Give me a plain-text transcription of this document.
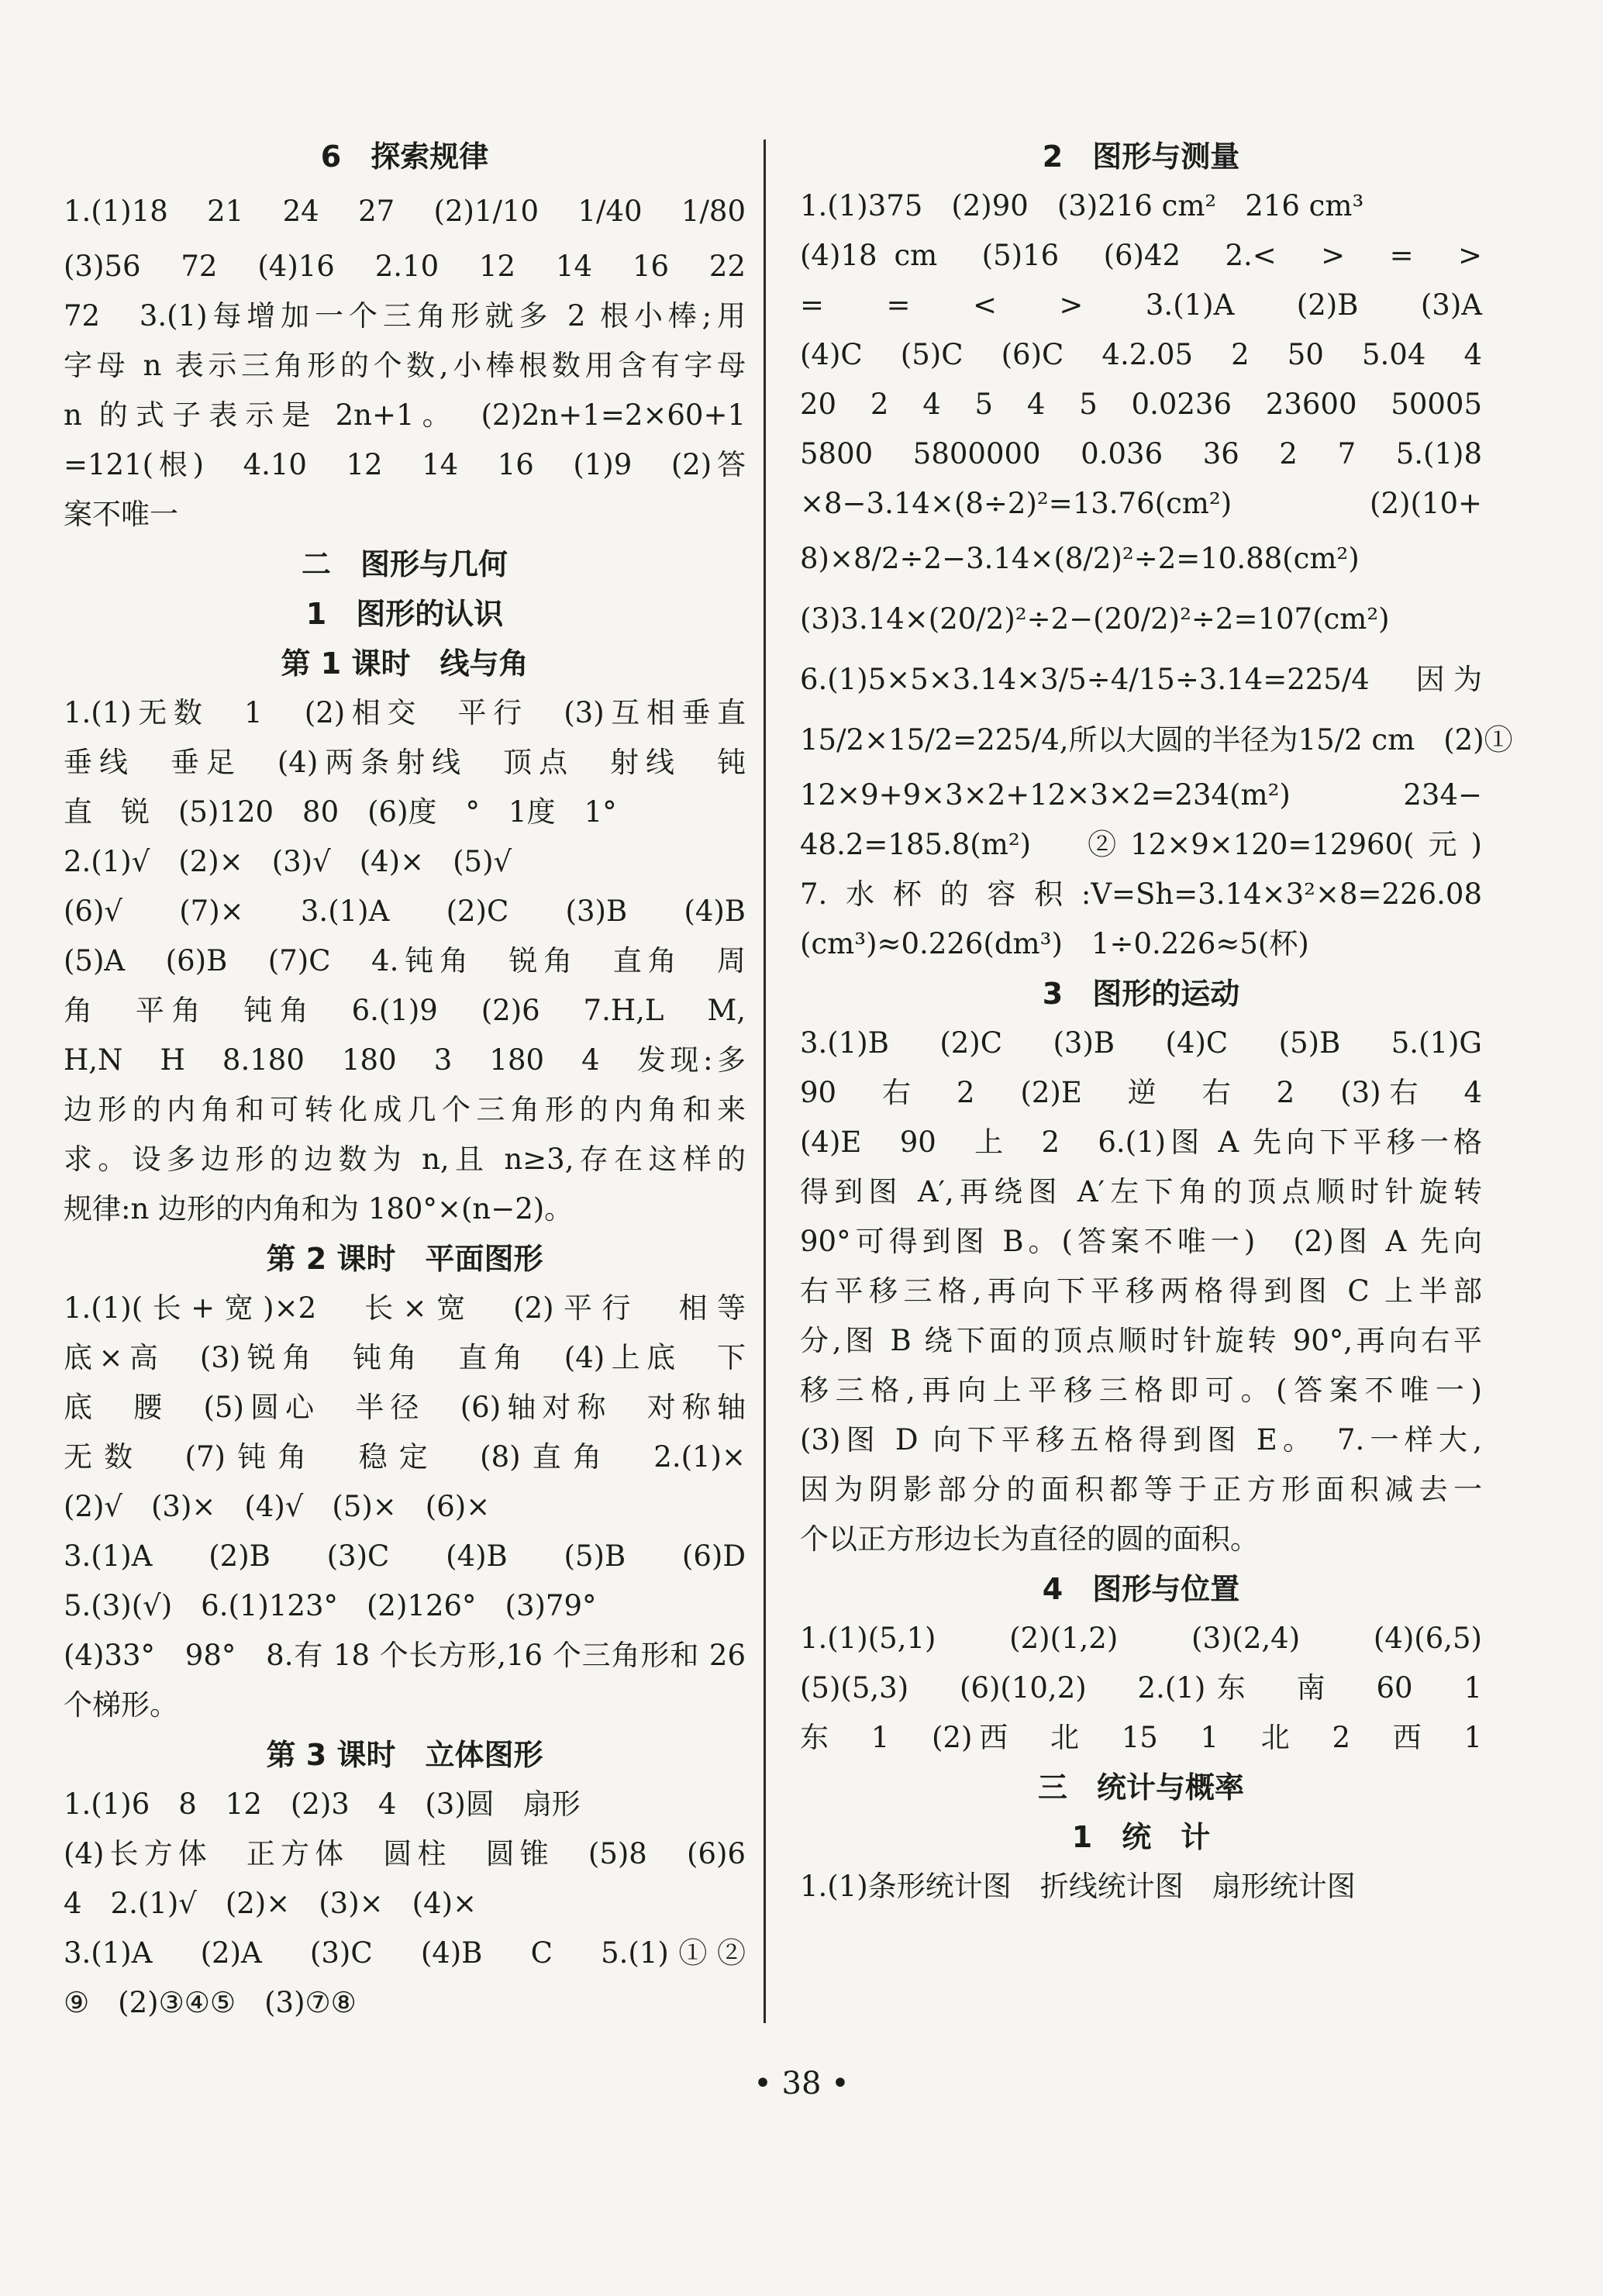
6　探索规律
1.(1)18　21　24　27　(2)1/10　1/40　1/80
(3)56　72　(4)16　2.10　12　14　16　22
72　3.(1)每增加一个三角形就多 2 根小棒;用
字母 n 表示三角形的个数,小棒根数用含有字母
n 的式子表示是 2n+1。　(2)2n+1=2×60+1
=121(根)　4.10　12　14　16　(1)9　(2)答
案不唯一
二　图形与几何
1　图形的认识
第 1 课时　线与角
1.(1)无数　1　(2)相交　平行　(3)互相垂直
垂线　垂足　(4)两条射线　顶点　射线　钝
直　锐　(5)120　80　(6)度　°　1度　1°
2.(1)√　(2)×　(3)√　(4)×　(5)√
(6)√　(7)×　3.(1)A　(2)C　(3)B　(4)B
(5)A　(6)B　(7)C　4.钝角　锐角　直角　周
角　平角　钝角　6.(1)9　(2)6　7.H,L　M,
H,N　H　8.180　180　3　180　4　发现:多
边形的内角和可转化成几个三角形的内角和来
求。设多边形的边数为 n,且 n≥3,存在这样的
规律:n 边形的内角和为 180°×(n−2)。
第 2 课时　平面图形
1.(1)(长+宽)×2　长×宽　(2)平行　相等
底×高　(3)锐角　钝角　直角　(4)上底　下
底　腰　(5)圆心　半径　(6)轴对称　对称轴
无数　(7)钝角　稳定　(8)直角　2.(1)×
(2)√　(3)×　(4)√　(5)×　(6)×
3.(1)A　(2)B　(3)C　(4)B　(5)B　(6)D
5.(3)(√)　6.(1)123°　(2)126°　(3)79°
(4)33°　98°　8.有 18 个长方形,16 个三角形和 26
个梯形。
第 3 课时　立体图形
1.(1)6　8　12　(2)3　4　(3)圆　扇形
(4)长方体　正方体　圆柱　圆锥　(5)8　(6)6
4　2.(1)√　(2)×　(3)×　(4)×
3.(1)A　(2)A　(3)C　(4)B　C　5.(1)①②
⑨　(2)③④⑤　(3)⑦⑧
2　图形与测量
1.(1)375　(2)90　(3)216 cm²　216 cm³
(4)18 cm　(5)16　(6)42　2.<　>　=　>
=　=　<　>　3.(1)A　(2)B　(3)A
(4)C　(5)C　(6)C　4.2.05　2　50　5.04　4
20　2　4　5　4　5　0.0236　23600　50005
5800　5800000　0.036　36　2　7　5.(1)8
×8−3.14×(8÷2)²=13.76(cm²)　(2)(10+
8)×8/2÷2−3.14×(8/2)²÷2=10.88(cm²)
(3)3.14×(20/2)²÷2−(20/2)²÷2=107(cm²)
6.(1)5×5×3.14×3/5÷4/15÷3.14=225/4　因为
15/2×15/2=225/4,所以大圆的半径为15/2 cm　(2)①
12×9+9×3×2+12×3×2=234(m²)　234−
48.2=185.8(m²)　②12×9×120=12960(元)
7.水杯的容积:V=Sh=3.14×3²×8=226.08
(cm³)≈0.226(dm³)　1÷0.226≈5(杯)
3　图形的运动
3.(1)B　(2)C　(3)B　(4)C　(5)B　5.(1)G
90　右　2　(2)E　逆　右　2　(3)右　4
(4)E　90　上　2　6.(1)图 A 先向下平移一格
得到图 A′,再绕图 A′左下角的顶点顺时针旋转
90°可得到图 B。(答案不唯一)　(2)图 A 先向
右平移三格,再向下平移两格得到图 C 上半部
分,图 B 绕下面的顶点顺时针旋转 90°,再向右平
移三格,再向上平移三格即可。(答案不唯一)
(3)图 D 向下平移五格得到图 E。　7.一样大,
因为阴影部分的面积都等于正方形面积减去一
个以正方形边长为直径的圆的面积。
4　图形与位置
1.(1)(5,1)　(2)(1,2)　(3)(2,4)　(4)(6,5)
(5)(5,3)　(6)(10,2)　2.(1)东　南　60　1
东　1　(2)西　北　15　1　北　2　西　1
三　统计与概率
1　统　计
1.(1)条形统计图　折线统计图　扇形统计图
• 38 •
